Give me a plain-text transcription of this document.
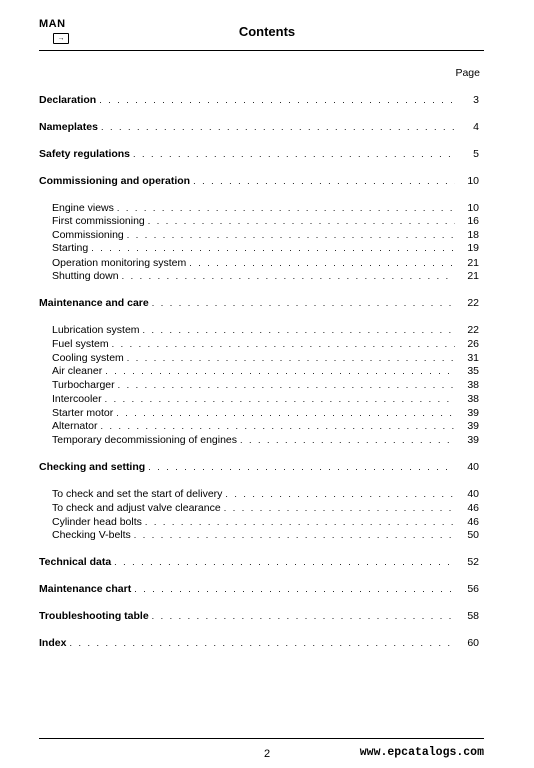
MAN
→	Contents
Page
Declaration . . .	3
Nameplates . . .	4
Safety regulations . . .	5
Commissioning and operation . . .	10
Engine views . . .	10
First commissioning . . .	16
Commissioning . . .	18
Starting . . .	19
Operation monitoring system . . .	21
Shutting down . . .	21
Maintenance and care . . .	22
Lubrication system . . .	22
Fuel system . . .	26
Cooling system . . .	31
Air cleaner . . .	35
Turbocharger . . .	38
Intercooler . . .	38
Starter motor . . .	39
Alternator . . .	39
Temporary decommissioning of engines . . .	39
Checking and setting . . .	40
To check and set the start of delivery . . .	40
To check and adjust valve clearance . . .	46
Cylinder head bolts . . .	46
Checking V-belts . . .	50
Technical data . . .	52
Maintenance chart . . .	56
Troubleshooting table . . .	58
Index . . .	60
2	www.epcatalogs.com
